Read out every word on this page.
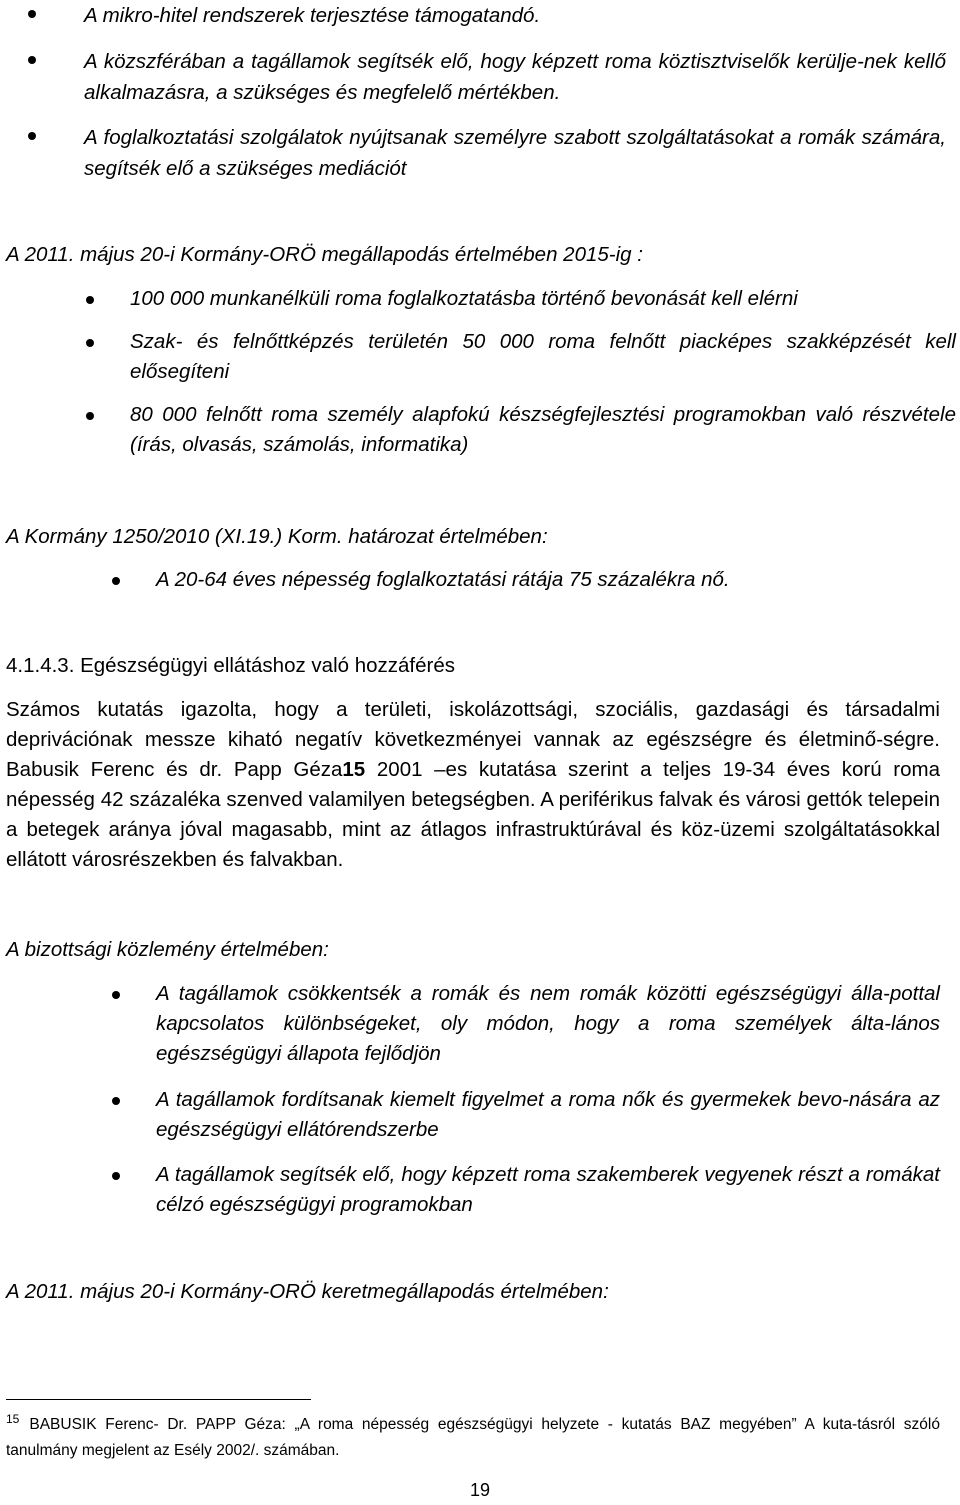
A mikro-hitel rendszerek terjesztése támogatandó.
A közszférában a tagállamok segítsék elő, hogy képzett roma köztisztviselők kerülje-nek kellő alkalmazásra, a szükséges és megfelelő mértékben.
A foglalkoztatási szolgálatok nyújtsanak személyre szabott szolgáltatásokat a romák számára, segítsék elő a szükséges mediációt
A 2011. május 20-i Kormány-ORÖ megállapodás értelmében 2015-ig :
100 000 munkanélküli roma foglalkoztatásba történő bevonását kell elérni
Szak- és felnőttképzés területén 50 000 roma felnőtt piacképes szakképzését kell elősegíteni
80 000 felnőtt roma személy alapfokú készségfejlesztési programokban való részvétele (írás, olvasás, számolás, informatika)
A Kormány 1250/2010 (XI.19.) Korm. határozat értelmében:
A 20-64 éves népesség foglalkoztatási rátája 75 százalékra nő.
4.1.4.3. Egészségügyi ellátáshoz való hozzáférés
Számos kutatás igazolta, hogy a területi, iskolázottsági, szociális, gazdasági és társadalmi deprivációnak messze kiható negatív következményei vannak az egészségre és életminő-ségre. Babusik Ferenc és dr. Papp Géza15 2001 –es kutatása szerint a teljes 19-34 éves korú roma népesség 42 százaléka szenved valamilyen betegségben. A periférikus falvak és városi gettók telepein a betegek aránya jóval magasabb, mint az átlagos infrastruktúrával és köz-üzemi szolgáltatásokkal ellátott városrészekben és falvakban.
A bizottsági közlemény értelmében:
A tagállamok csökkentsék a romák és nem romák közötti egészségügyi álla-pottal kapcsolatos különbségeket, oly módon, hogy a roma személyek álta-lános egészségügyi állapota fejlődjön
A tagállamok fordítsanak kiemelt figyelmet a roma nők és gyermekek bevo-nására az egészségügyi ellátórendszerbe
A tagállamok segítsék elő, hogy képzett roma szakemberek vegyenek részt a romákat célzó egészségügyi programokban
A 2011. május 20-i Kormány-ORÖ keretmegállapodás értelmében:
$^{15}$ BABUSIK Ferenc- Dr. PAPP Géza: „A roma népesség egészségügyi helyzete - kutatás BAZ megyében” A kuta-tásról szóló tanulmány megjelent az Esély 2002/. számában.
19
